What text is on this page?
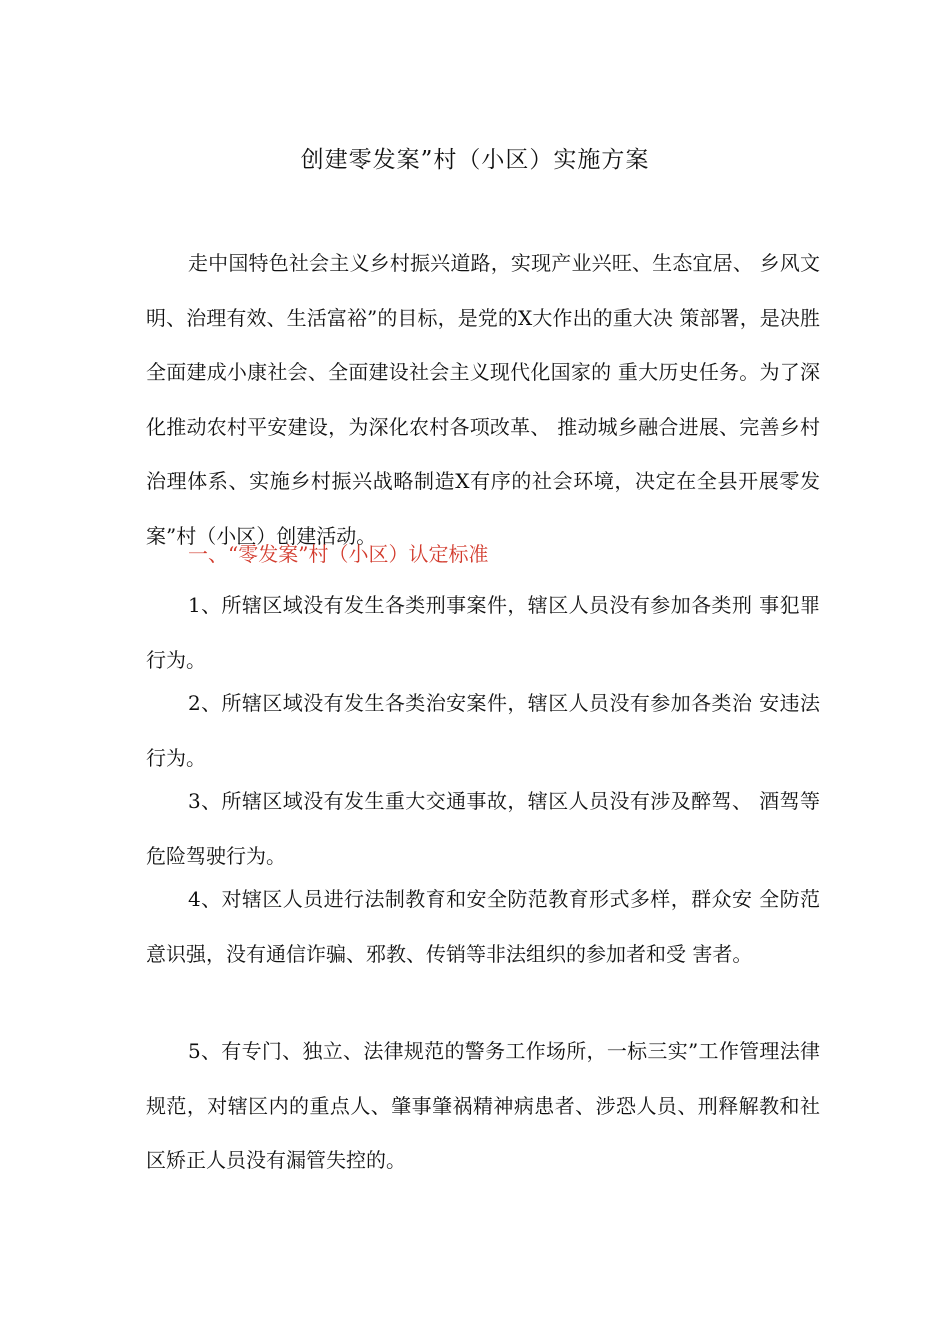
创建零发案”村（小区）实施方案

走中国特色社会主义乡村振兴道路，实现产业兴旺、生态宜居、 乡风文明、治理有效、生活富裕”的目标，是党的X大作出的重大决 策部署，是决胜全面建成小康社会、全面建设社会主义现代化国家的 重大历史任务。为了深化推动农村平安建设，为深化农村各项改革、 推动城乡融合进展、完善乡村治理体系、实施乡村振兴战略制造X有序的社会环境，决定在全县开展零发案”村（小区）创建活动。

一、“零发案”村（小区）认定标准

1、所辖区域没有发生各类刑事案件，辖区人员没有参加各类刑 事犯罪行为。

2、所辖区域没有发生各类治安案件，辖区人员没有参加各类治 安违法行为。

3、所辖区域没有发生重大交通事故，辖区人员没有涉及醉驾、 酒驾等危险驾驶行为。

4、对辖区人员进行法制教育和安全防范教育形式多样，群众安 全防范意识强，没有通信诈骗、邪教、传销等非法组织的参加者和受 害者。

5、有专门、独立、法律规范的警务工作场所，一标三实”工作管理法律规范，对辖区内的重点人、肇事肇祸精神病患者、涉恐人员、刑释解教和社区矫正人员没有漏管失控的。
